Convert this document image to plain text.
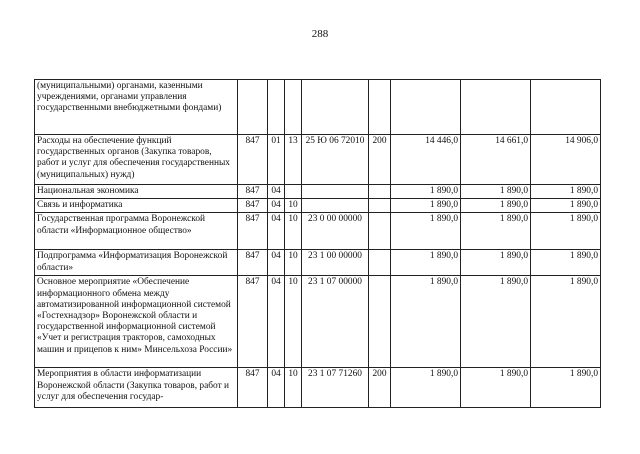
288
(муниципальными) органами, казенными учреждениями, органами управления государственными внебюджетными фондами)								
Расходы на обеспечение функций государственных органов (Закупка товаров, работ и услуг для обеспечения государственных (муниципальных) нужд)	847	01	13	25 Ю 06 72010	200	14 446,0	14 661,0	14 906,0
Национальная экономика	847	04				1 890,0	1 890,0	1 890,0
Связь и информатика	847	04	10			1 890,0	1 890,0	1 890,0
Государственная программа Воронежской области «Информационное общество»	847	04	10	23 0 00 00000		1 890,0	1 890,0	1 890,0
Подпрограмма «Информатизация Воронежской области»	847	04	10	23 1 00 00000		1 890,0	1 890,0	1 890,0
Основное мероприятие «Обеспечение информационного обмена между автоматизированной информационной системой «Гостехнадзор» Воронежской области и государственной информационной системой «Учет и регистрация тракторов, самоходных машин и прицепов к ним» Минсельхоза России»	847	04	10	23 1 07 00000		1 890,0	1 890,0	1 890,0
Мероприятия в области информатизации Воронежской области (Закупка товаров, работ и услуг для обеспечения государ-	847	04	10	23 1 07 71260	200	1 890,0	1 890,0	1 890,0
